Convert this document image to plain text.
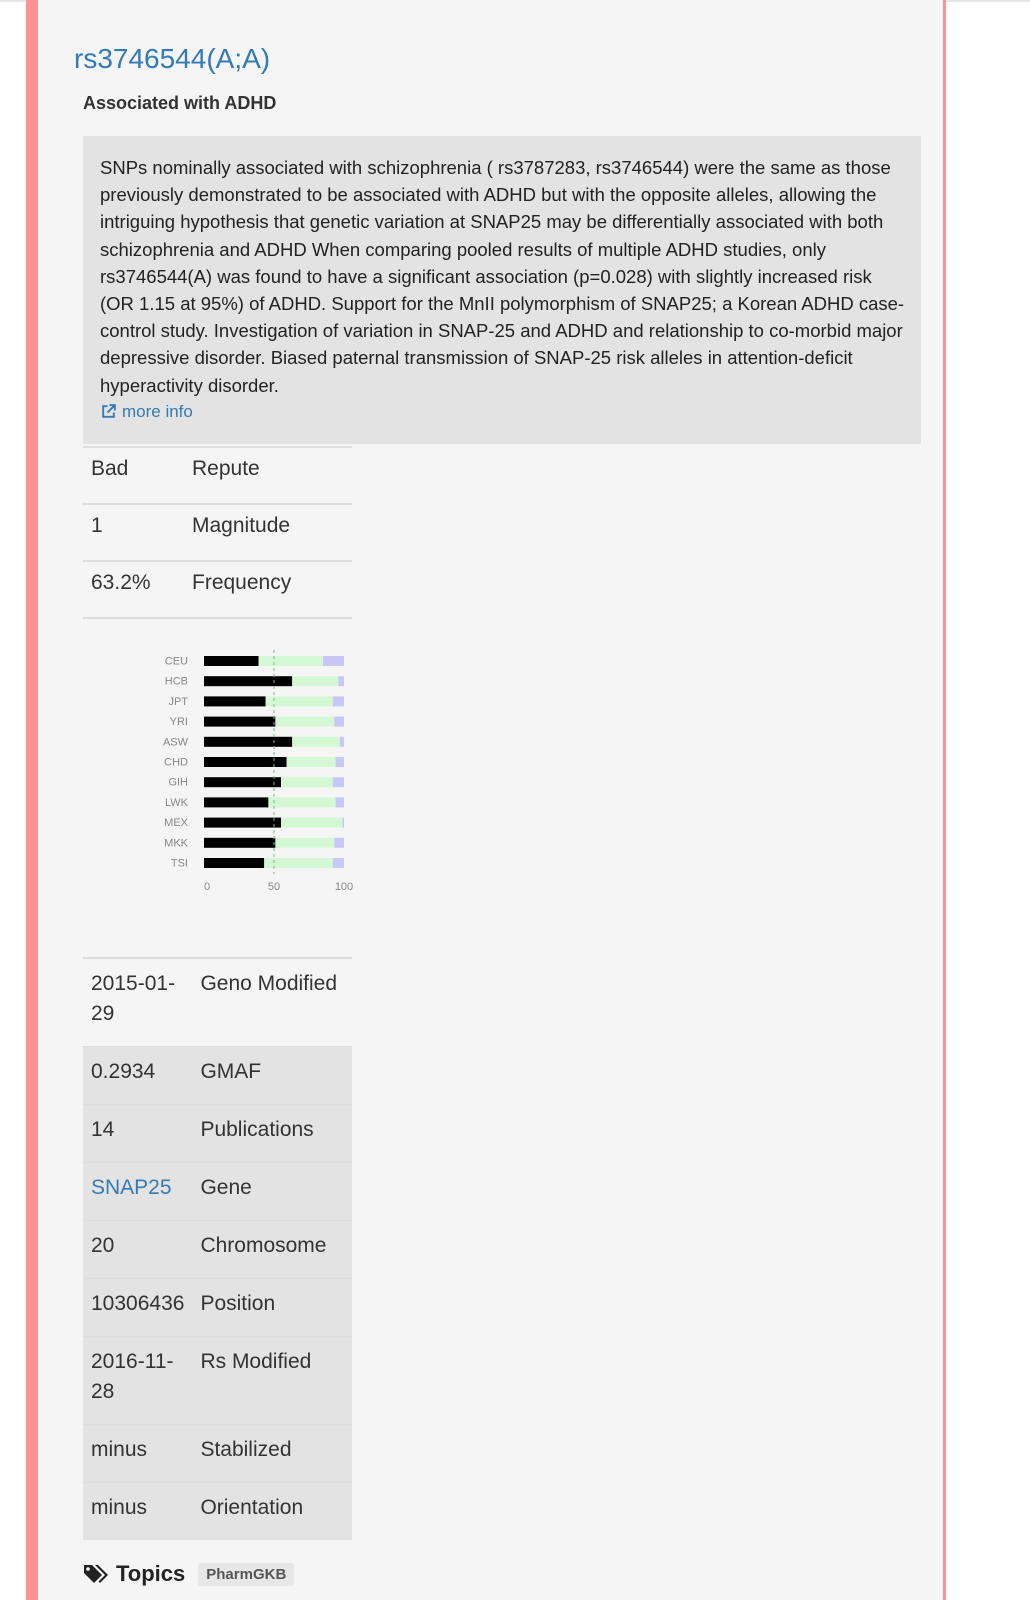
rs3746544(A;A)
Associated with ADHD

SNPs nominally associated with schizophrenia ( rs3787283, rs3746544) were the same as those previously demonstrated to be associated with ADHD but with the opposite alleles, allowing the intriguing hypothesis that genetic variation at SNAP25 may be differentially associated with both schizophrenia and ADHD When comparing pooled results of multiple ADHD studies, only rs3746544(A) was found to have a significant association (p=0.028) with slightly increased risk (OR 1.15 at 95%) of ADHD. Support for the MnII polymorphism of SNAP25; a Korean ADHD case-control study. Investigation of variation in SNAP-25 and ADHD and relationship to co-morbid major depressive disorder. Biased paternal transmission of SNAP-25 risk alleles in attention-deficit hyperactivity disorder.

more info
Bad	Repute
1	Magnitude
63.2%	Frequency
CEU
HCB
JPT
YRI
ASW
CHD
GIH
LWK
MEX
MKK
TSI
0	50	100
2015-01-29	Geno Modified
0.2934	GMAF
14	Publications
SNAP25	Gene
20	Chromosome
10306436	Position
2016-11-28	Rs Modified
minus	Stabilized
minus	Orientation
Topics	PharmGKB
